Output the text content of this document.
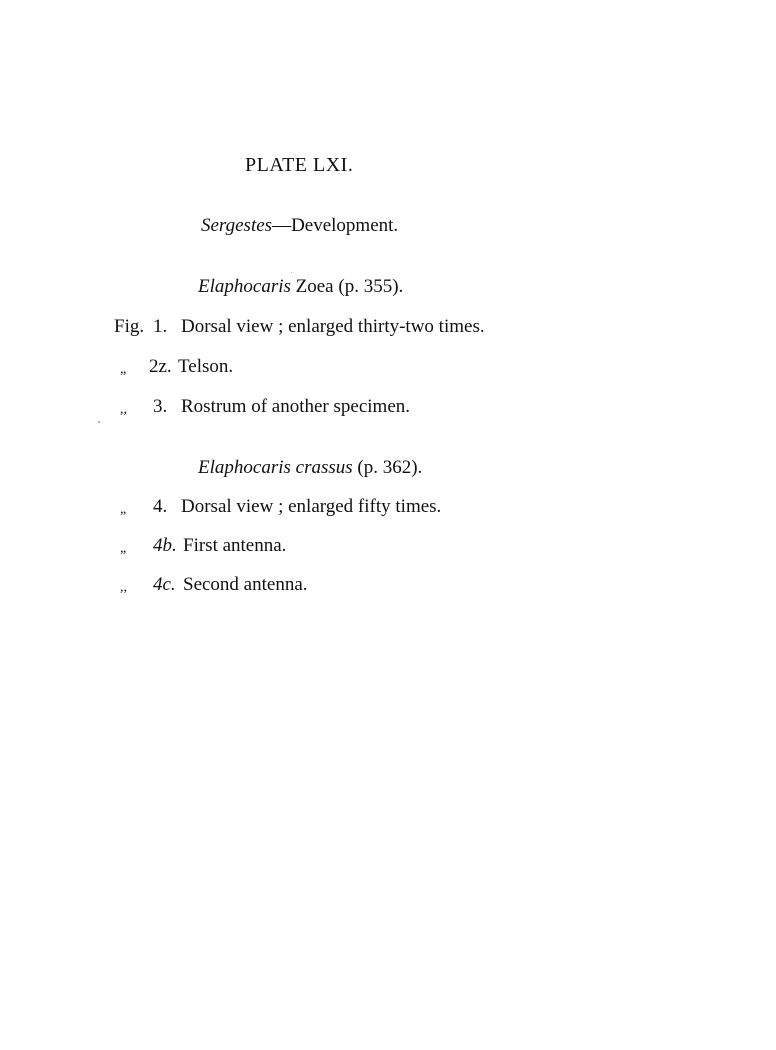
PLATE LXI.
Sergestes—Development.
Elaphocaris Zoea (p. 355).
Fig. 1. Dorsal view ; enlarged thirty-two times.
„ 2z. Telson.
,, 3. Rostrum of another specimen.
Elaphocaris crassus (p. 362).
„ 4. Dorsal view ; enlarged fifty times.
„ 4b. First antenna.
,, 4c. Second antenna.
